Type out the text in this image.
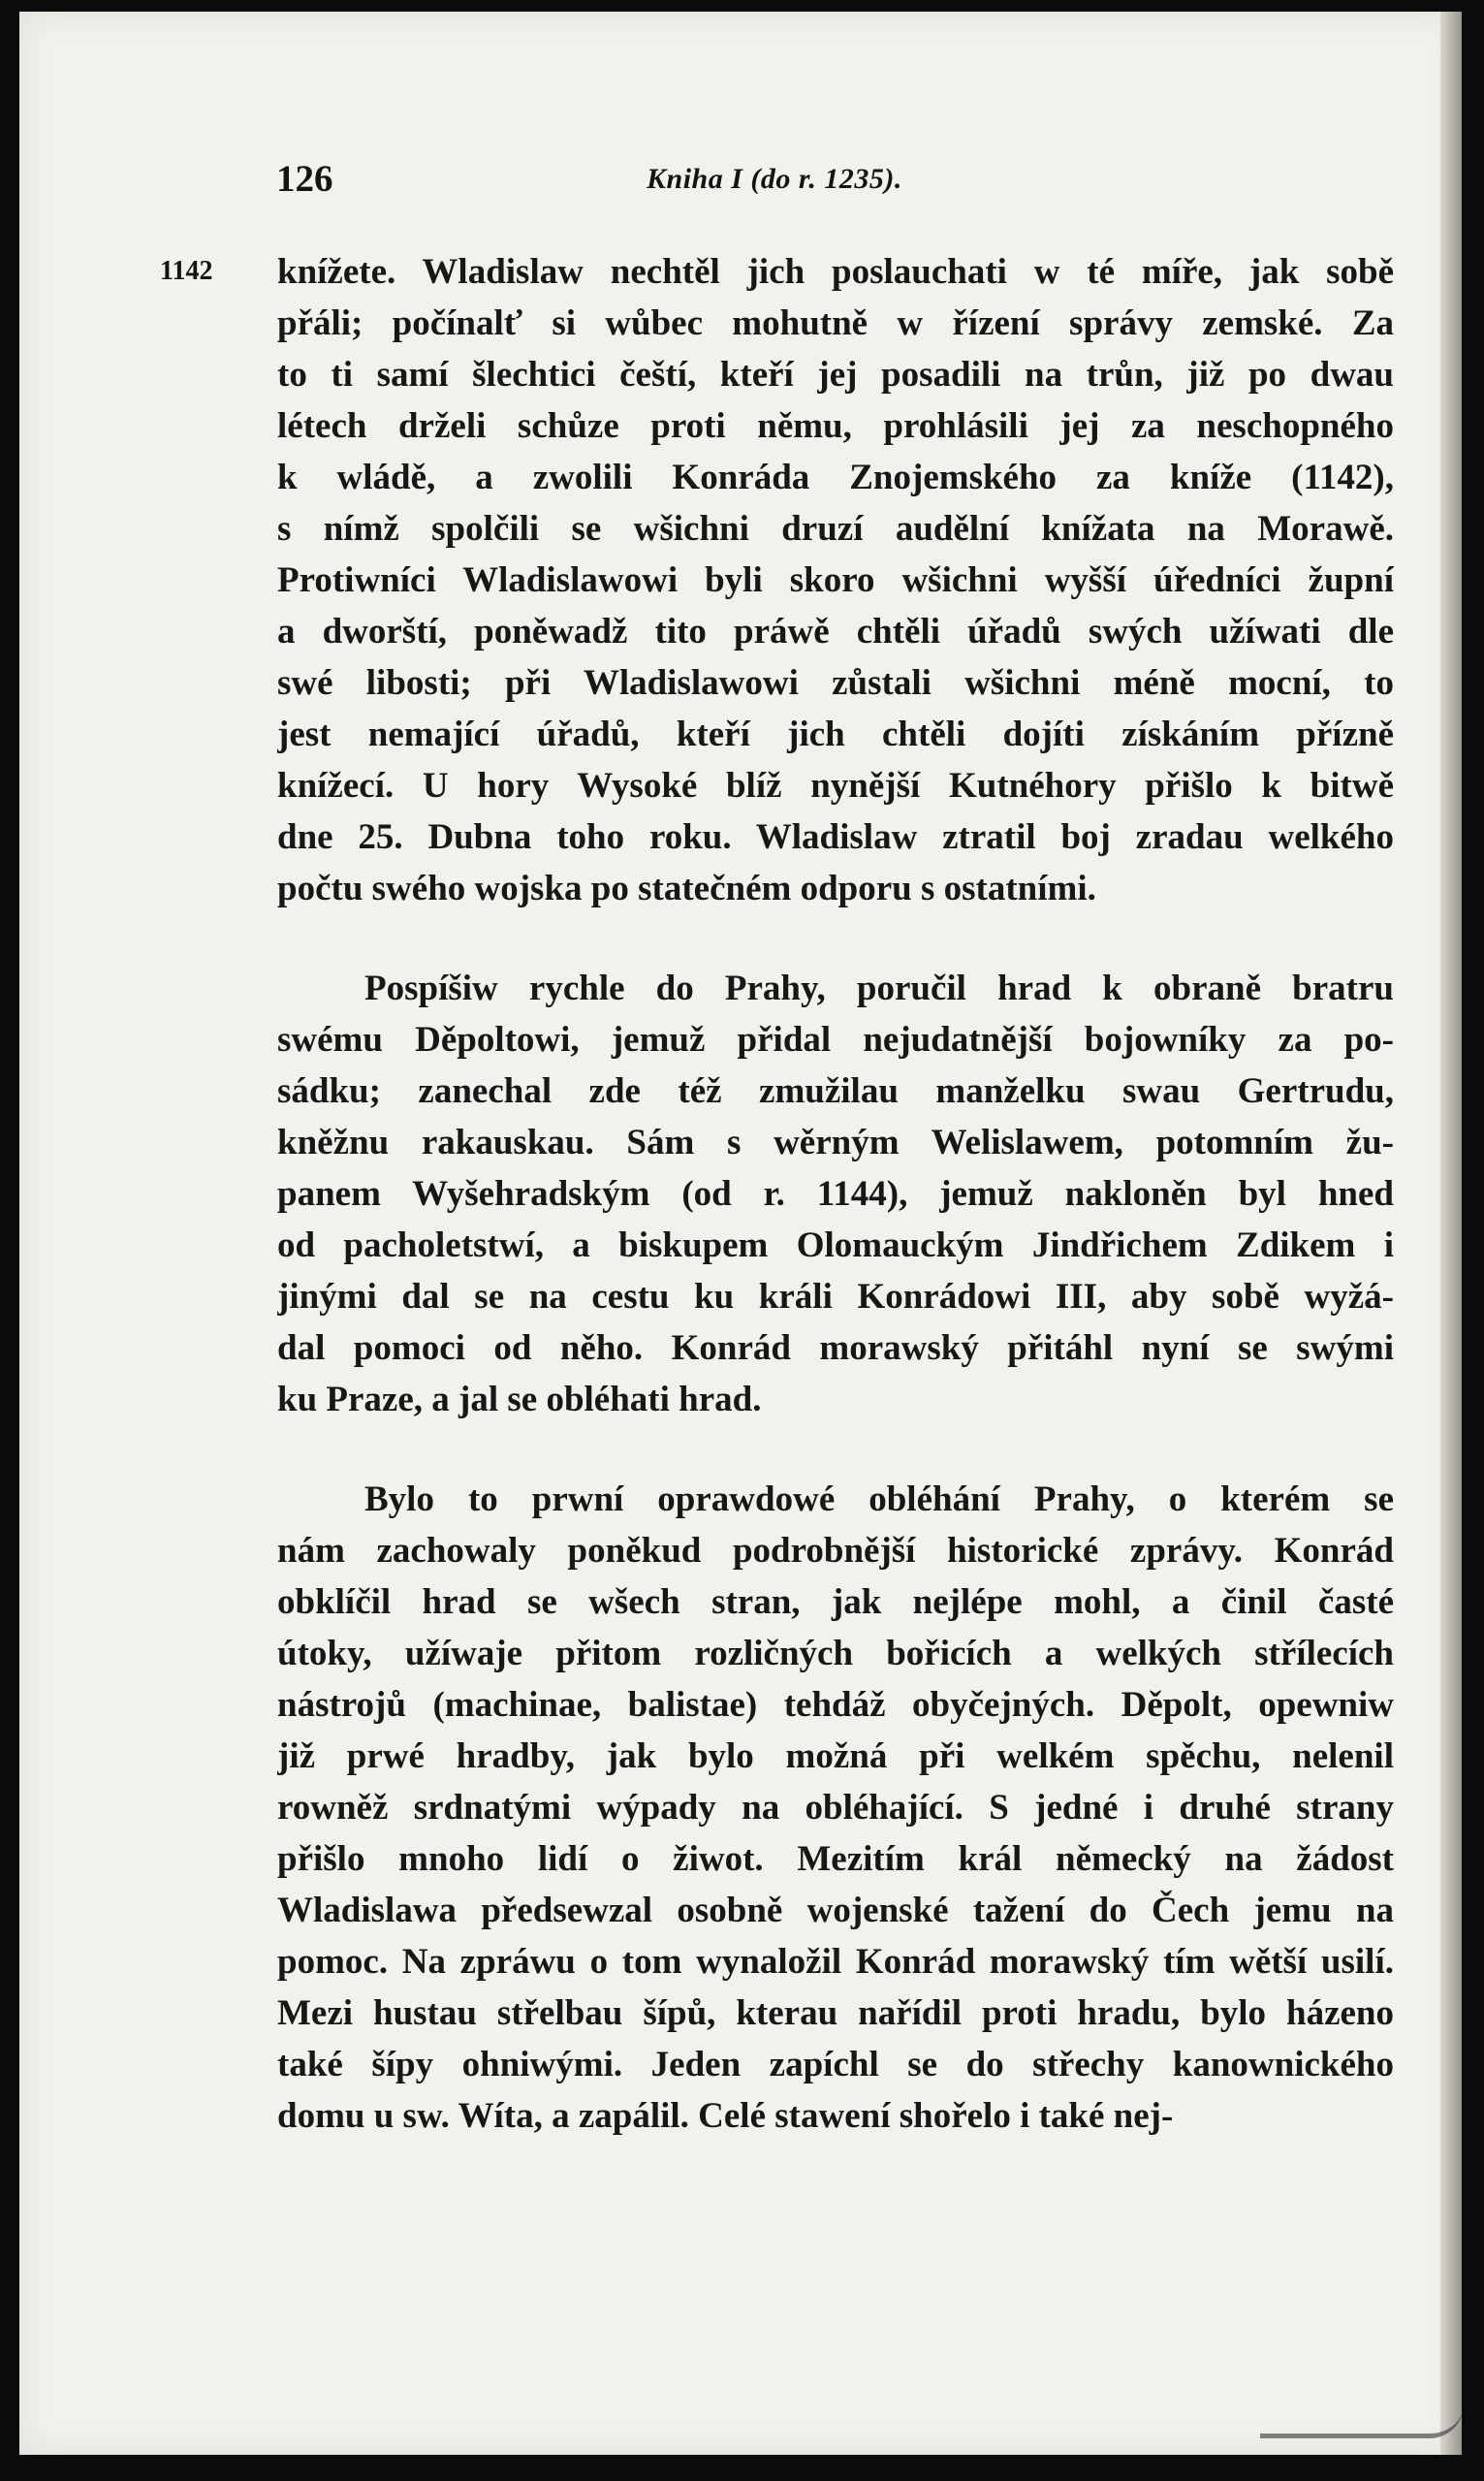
126	Kniha I (do r. 1235).
1142 knížete. Wladislaw nechtěl jich poslauchati w té míře, jak sobě
přáli; počínalť si wůbec mohutně w řízení správy zemské. Za
to ti samí šlechtici čeští, kteří jej posadili na trůn, již po dwau
létech drželi schůze proti němu, prohlásili jej za neschopného
k wládě, a zwolili Konráda Znojemského za kníže (1142),
s nímž spolčili se wšichni druzí audělní knížata na Morawě.
Protiwníci Wladislawowi byli skoro wšichni wyšší úředníci župní
a dworští, poněwadž tito práwě chtěli úřadů swých užíwati dle
swé libosti; při Wladislawowi zůstali wšichni méně mocní, to
jest nemající úřadů, kteří jich chtěli dojíti získáním přízně
knížecí. U hory Wysoké blíž nynější Kutnéhory přišlo k bitwě
dne 25. Dubna toho roku. Wladislaw ztratil boj zradau welkého
počtu swého wojska po statečném odporu s ostatními.
Pospíšiw rychle do Prahy, poručil hrad k obraně bratru
swému Děpoltowi, jemuž přidal nejudatnější bojowníky za po-
sádku; zanechal zde též zmužilau manželku swau Gertrudu,
kněžnu rakauskau. Sám s wěrným Welislawem, potomním žu-
panem Wyšehradským (od r. 1144), jemuž nakloněn byl hned
od pacholetstwí, a biskupem Olomauckým Jindřichem Zdikem i
jinými dal se na cestu ku králi Konrádowi III, aby sobě wyžá-
dal pomoci od něho. Konrád morawský přitáhl nyní se swými
ku Praze, a jal se obléhati hrad.
Bylo to prwní oprawdowé obléhání Prahy, o kterém se
nám zachowaly poněkud podrobnější historické zprávy. Konrád
obklíčil hrad se wšech stran, jak nejlépe mohl, a činil časté
útoky, užíwaje přitom rozličných bořicích a welkých střílecích
nástrojů (machinae, balistae) tehdáž obyčejných. Děpolt, opewniw
již prwé hradby, jak bylo možná při welkém spěchu, nelenil
rowněž srdnatými wýpady na obléhající. S jedné i druhé strany
přišlo mnoho lidí o žiwot. Mezitím král německý na žádost
Wladislawa předsewzal osobně wojenské tažení do Čech jemu na
pomoc. Na zpráwu o tom wynaložil Konrád morawský tím wětší usilí.
Mezi hustau střelbau šípů, kterau nařídil proti hradu, bylo házeno
také šípy ohniwými. Jeden zapíchl se do střechy kanownického
domu u sw. Wíta, a zapálil. Celé stawení shořelo i také nej-
